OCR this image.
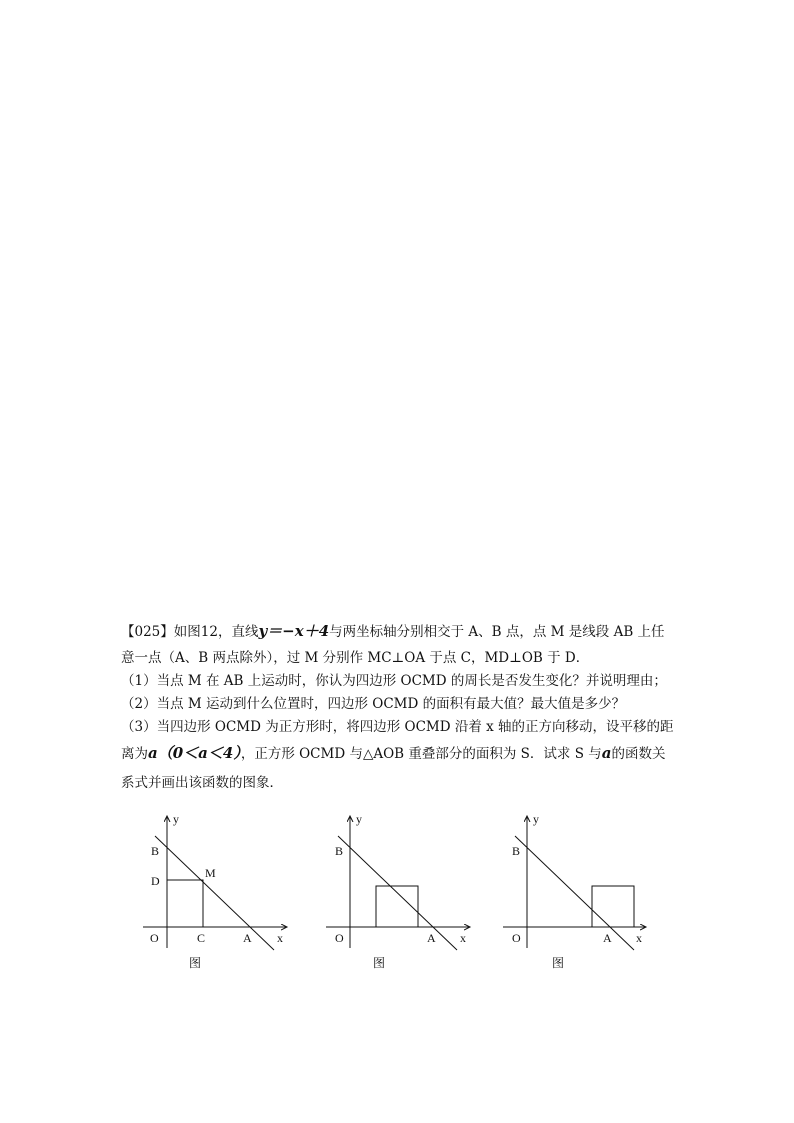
【025】如图12，直线y＝−x＋4与两坐标轴分别相交于 A、B 点，点 M 是线段 AB 上任
意一点（A、B 两点除外），过 M 分别作 MC⊥OA 于点 C，MD⊥OB 于 D．
（1）当点 M 在 AB 上运动时，你认为四边形 OCMD 的周长是否发生变化？并说明理由；
（2）当点 M 运动到什么位置时，四边形 OCMD 的面积有最大值？最大值是多少？
（3）当四边形 OCMD 为正方形时，将四边形 OCMD 沿着 x 轴的正方向移动，设平移的距
离为a（0＜a＜4），正方形 OCMD 与△AOB 重叠部分的面积为 S．试求 S 与a的函数关
系式并画出该函数的图象．
y
B
D
M
O	C	A x
图
y
B
O	A x
图
y
B
O	A x
图
